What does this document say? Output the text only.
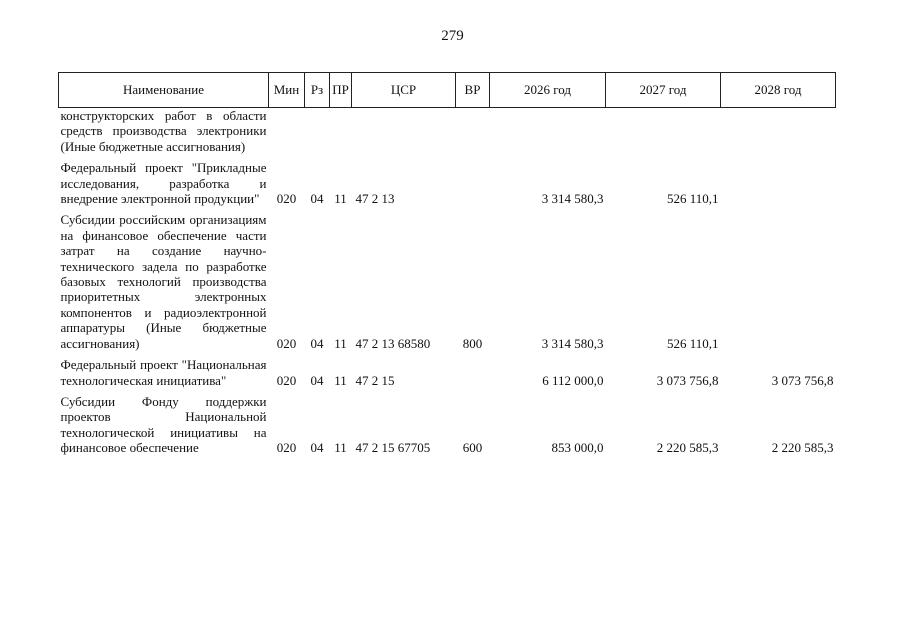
279
Наименование	Мин	Рз	ПР	ЦСР	ВР	2026 год	2027 год	2028 год
конструкторских работ в области средств производства электроники (Иные бюджетные ассигнования)								
Федеральный проект "Прикладные исследования, разработка и внедрение электронной продукции"	020	04	11	47 2 13		3 314 580,3	526 110,1	
Субсидии российским организациям на финансовое обеспечение части затрат на создание научно-технического задела по разработке базовых технологий производства приоритетных электронных компонентов и радиоэлектронной аппаратуры (Иные бюджетные ассигнования)	020	04	11	47 2 13 68580	800	3 314 580,3	526 110,1	
Федеральный проект "Национальная технологическая инициатива"	020	04	11	47 2 15		6 112 000,0	3 073 756,8	3 073 756,8
Субсидии Фонду поддержки проектов Национальной технологической инициативы на финансовое обеспечение	020	04	11	47 2 15 67705	600	853 000,0	2 220 585,3	2 220 585,3
